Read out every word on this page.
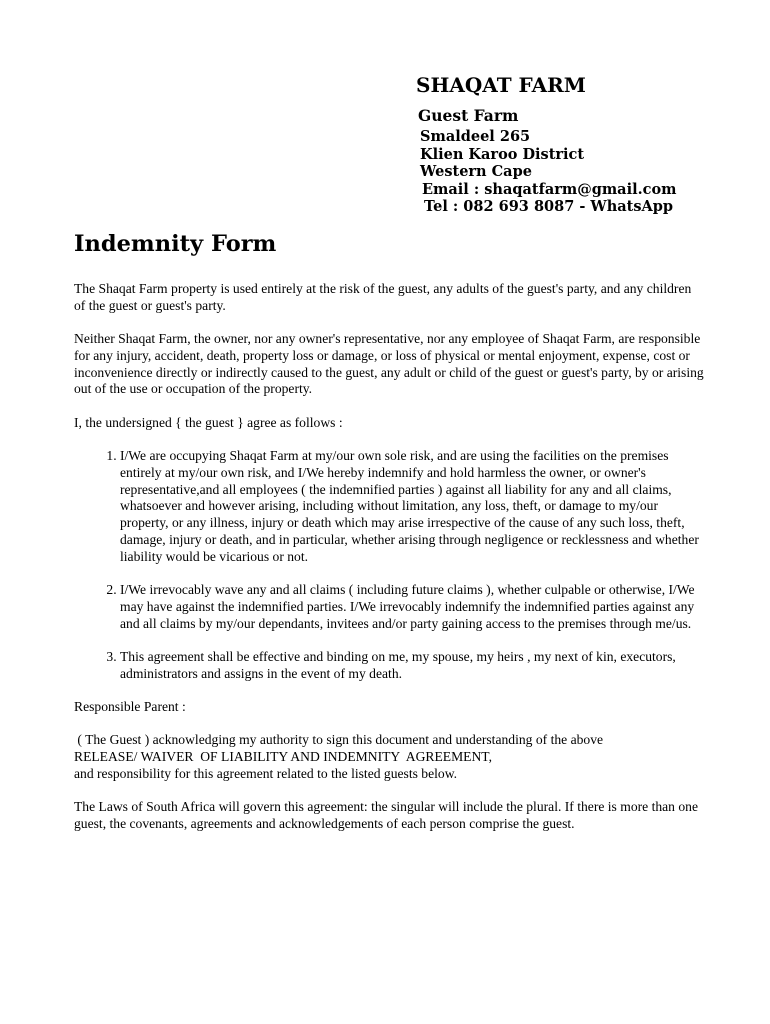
SHAQAT FARM
Guest Farm
Smaldeel 265
Klien Karoo District
Western Cape
Email : shaqatfarm@gmail.com
Tel : 082 693 8087 - WhatsApp
Indemnity Form

The Shaqat Farm property is used entirely at the risk of the guest, any adults of the guest's party, and any children of the guest or guest's party.

Neither Shaqat Farm, the owner, nor any owner's representative, nor any employee of Shaqat Farm, are responsible for any injury, accident, death, property loss or damage, or loss of physical or mental enjoyment, expense, cost or inconvenience directly or indirectly caused to the guest, any adult or child of the guest or guest's party, by or arising out of the use or occupation of the property.

I, the undersigned { the guest } agree as follows :

1. I/We are occupying Shaqat Farm at my/our own sole risk, and are using the facilities on the premises entirely at my/our own risk, and I/We hereby indemnify and hold harmless the owner, or owner's representative,and all employees ( the indemnified parties ) against all liability for any and all claims, whatsoever and however arising, including without limitation, any loss, theft, or damage to my/our property, or any illness, injury or death which may arise irrespective of the cause of any such loss, theft, damage, injury or death, and in particular, whether arising through negligence or recklessness and whether liability would be vicarious or not.
2. I/We irrevocably wave any and all claims ( including future claims ), whether culpable or otherwise, I/We may have against the indemnified parties. I/We irrevocably indemnify the indemnified parties against any and all claims by my/our dependants, invitees and/or party gaining access to the premises through me/us.
3. This agreement shall be effective and binding on me, my spouse, my heirs , my next of kin, executors, administrators and assigns in the event of my death.

Responsible Parent :

( The Guest ) acknowledging my authority to sign this document and understanding of the above
RELEASE/ WAIVER  OF LIABILITY AND INDEMNITY  AGREEMENT,
and responsibility for this agreement related to the listed guests below.

The Laws of South Africa will govern this agreement: the singular will include the plural. If there is more than one guest, the covenants, agreements and acknowledgements of each person comprise the guest.
